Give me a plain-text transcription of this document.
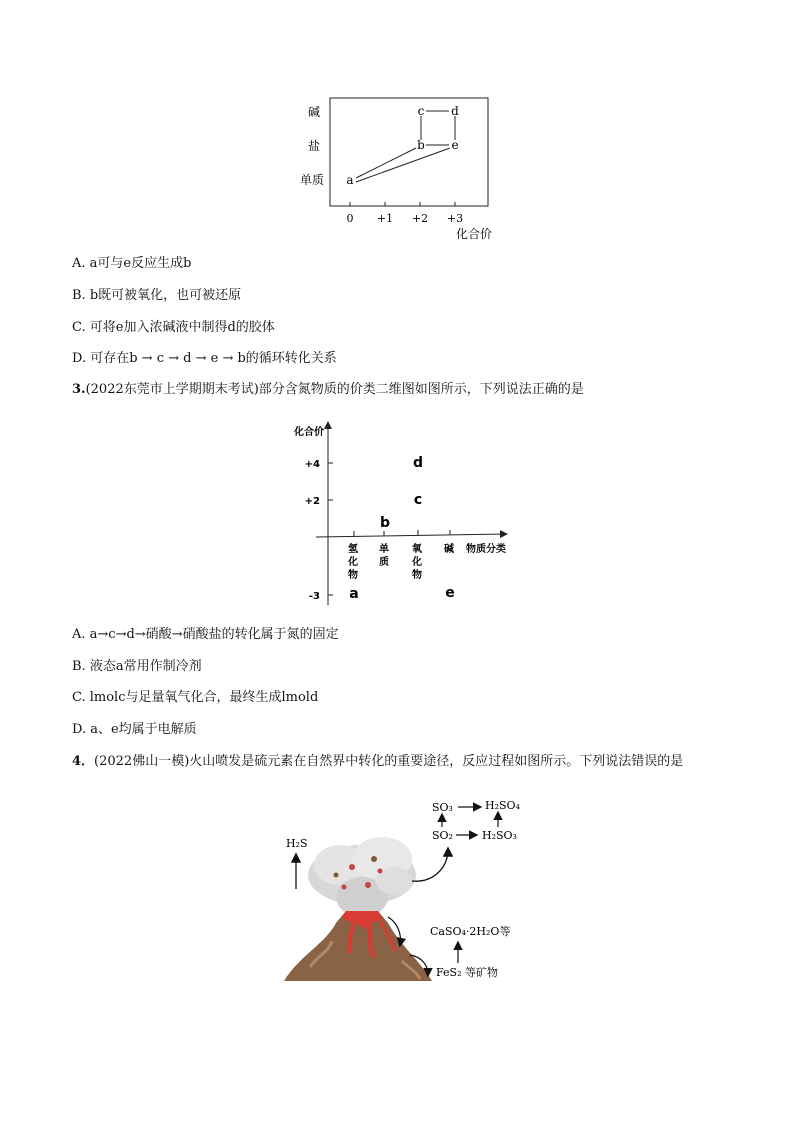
碱
盐
单质
0 +1 +2 +3
化合价
a
b
c d
e
A. a可与e反应生成b
B. b既可被氧化，也可被还原
C. 可将e加入浓碱液中制得d的胶体
D. 可存在b → c → d → e → b的循环转化关系
3.(2022东莞市上学期期末考试)部分含氮物质的价类二维图如图所示，下列说法正确的是
化合价
+4
+2
-3
氢化物
单质
氧化物
碱 物质分类
a
b
c
d
e
A. a→c→d→硝酸→硝酸盐的转化属于氮的固定
B. 液态a常用作制冷剂
C. lmolc与足量氧气化合，最终生成lmold
D. a、e均属于电解质
4．(2022佛山一模)火山喷发是硫元素在自然界中转化的重要途径，反应过程如图所示。下列说法错误的是
SO₃	H₂SO₄
SO₂	H₂SO₃
H₂S
CaSO₄·2H₂O等
FeS₂ 等矿物
